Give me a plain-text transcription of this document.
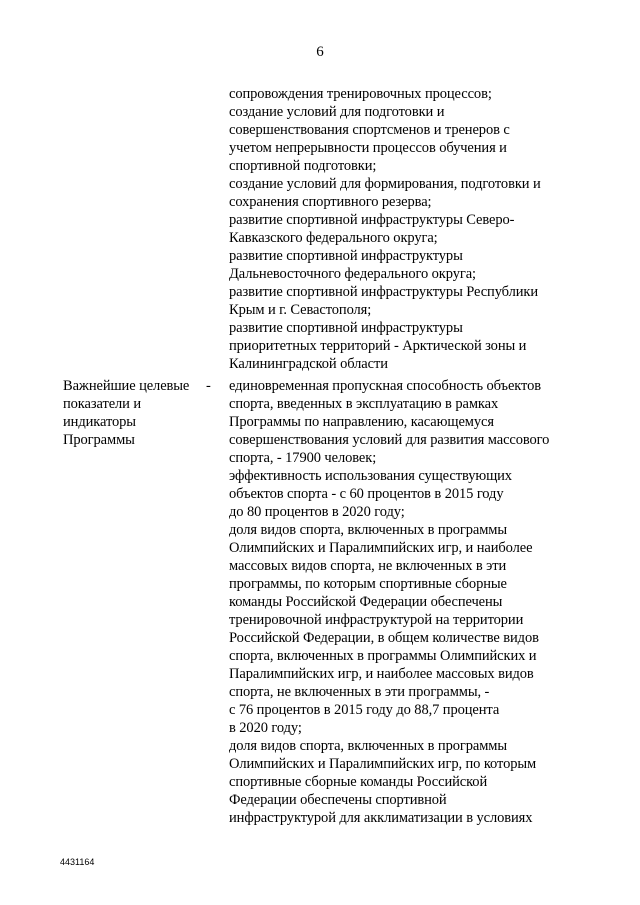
6
сопровождения тренировочных процессов;
создание условий для подготовки и
совершенствования спортсменов и тренеров с
учетом непрерывности процессов обучения и
спортивной подготовки;
создание условий для формирования, подготовки и
сохранения спортивного резерва;
развитие спортивной инфраструктуры Северо-
Кавказского федерального округа;
развитие спортивной инфраструктуры
Дальневосточного федерального округа;
развитие спортивной инфраструктуры Республики
Крым и г. Севастополя;
развитие спортивной инфраструктуры
приоритетных территорий - Арктической зоны и
Калининградской области
Важнейшие целевые
показатели и
индикаторы
Программы
- единовременная пропускная способность объектов
спорта, введенных в эксплуатацию в рамках
Программы по направлению, касающемуся
совершенствования условий для развития массового
спорта, - 17900 человек;
эффективность использования существующих
объектов спорта - с 60 процентов в 2015 году
до 80 процентов в 2020 году;
доля видов спорта, включенных в программы
Олимпийских и Паралимпийских игр, и наиболее
массовых видов спорта, не включенных в эти
программы, по которым спортивные сборные
команды Российской Федерации обеспечены
тренировочной инфраструктурой на территории
Российской Федерации, в общем количестве видов
спорта, включенных в программы Олимпийских и
Паралимпийских игр, и наиболее массовых видов
спорта, не включенных в эти программы, -
с 76 процентов в 2015 году до 88,7 процента
в 2020 году;
доля видов спорта, включенных в программы
Олимпийских и Паралимпийских игр, по которым
спортивные сборные команды Российской
Федерации обеспечены спортивной
инфраструктурой для акклиматизации в условиях
4431164
